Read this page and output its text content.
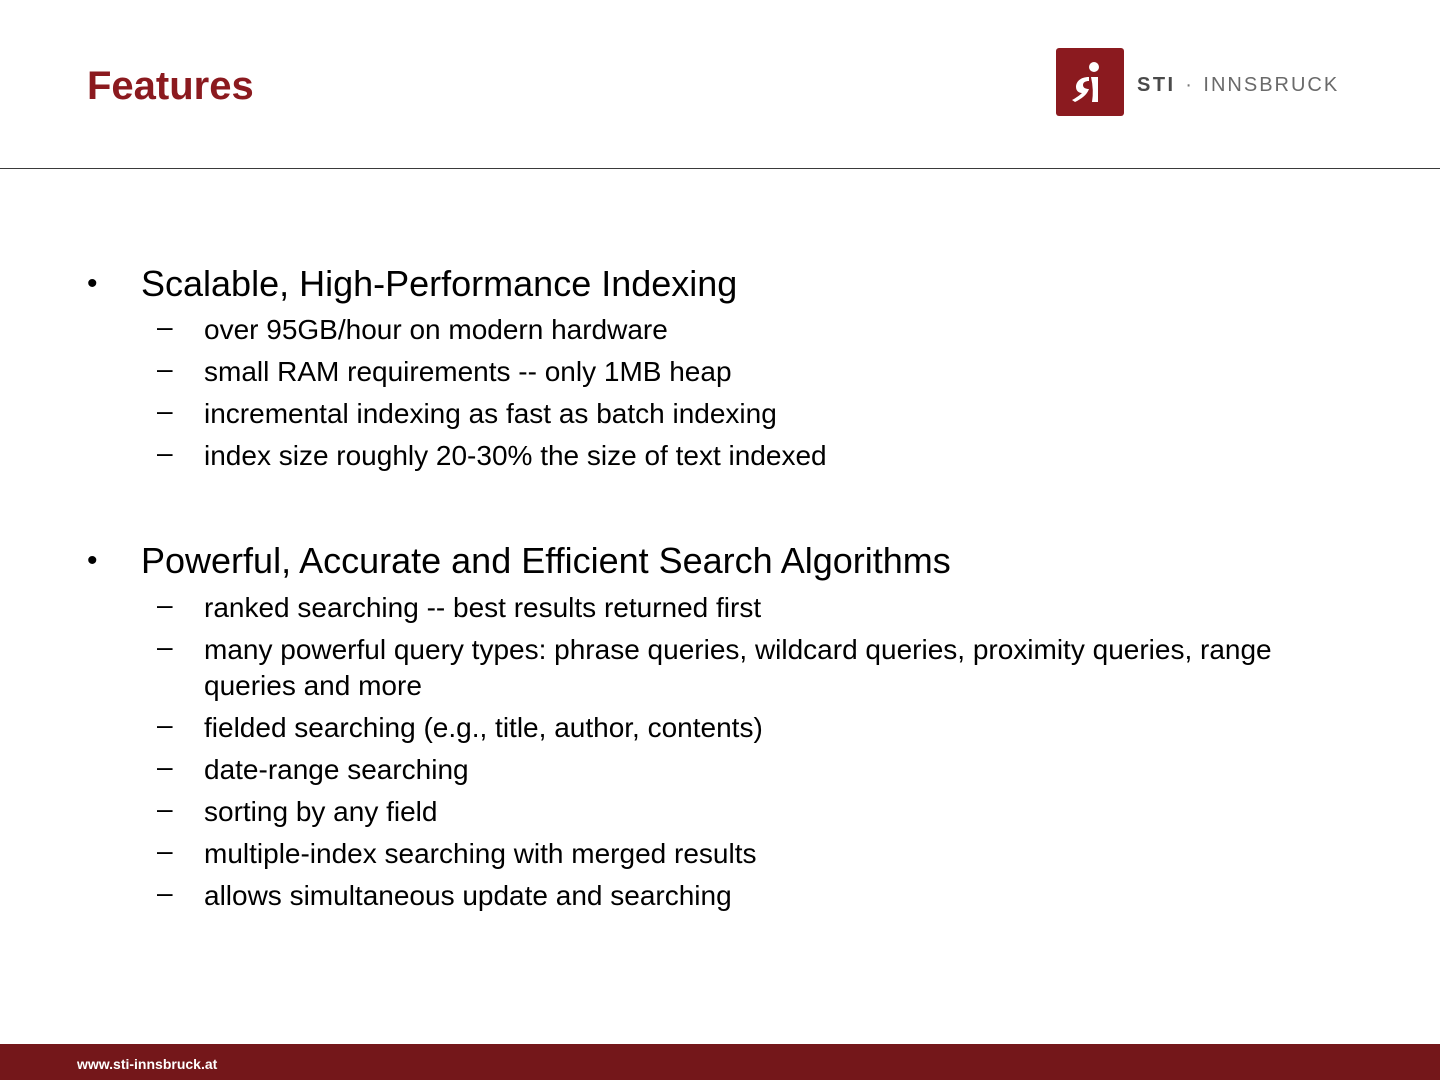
Features	STI · INNSBRUCK
• Scalable, High-Performance Indexing
– over 95GB/hour on modern hardware
– small RAM requirements -- only 1MB heap
– incremental indexing as fast as batch indexing
– index size roughly 20-30% the size of text indexed
• Powerful, Accurate and Efficient Search Algorithms
– ranked searching -- best results returned first
– many powerful query types: phrase queries, wildcard queries, proximity queries, range queries and more
– fielded searching (e.g., title, author, contents)
– date-range searching
– sorting by any field
– multiple-index searching with merged results
– allows simultaneous update and searching
www.sti-innsbruck.at
